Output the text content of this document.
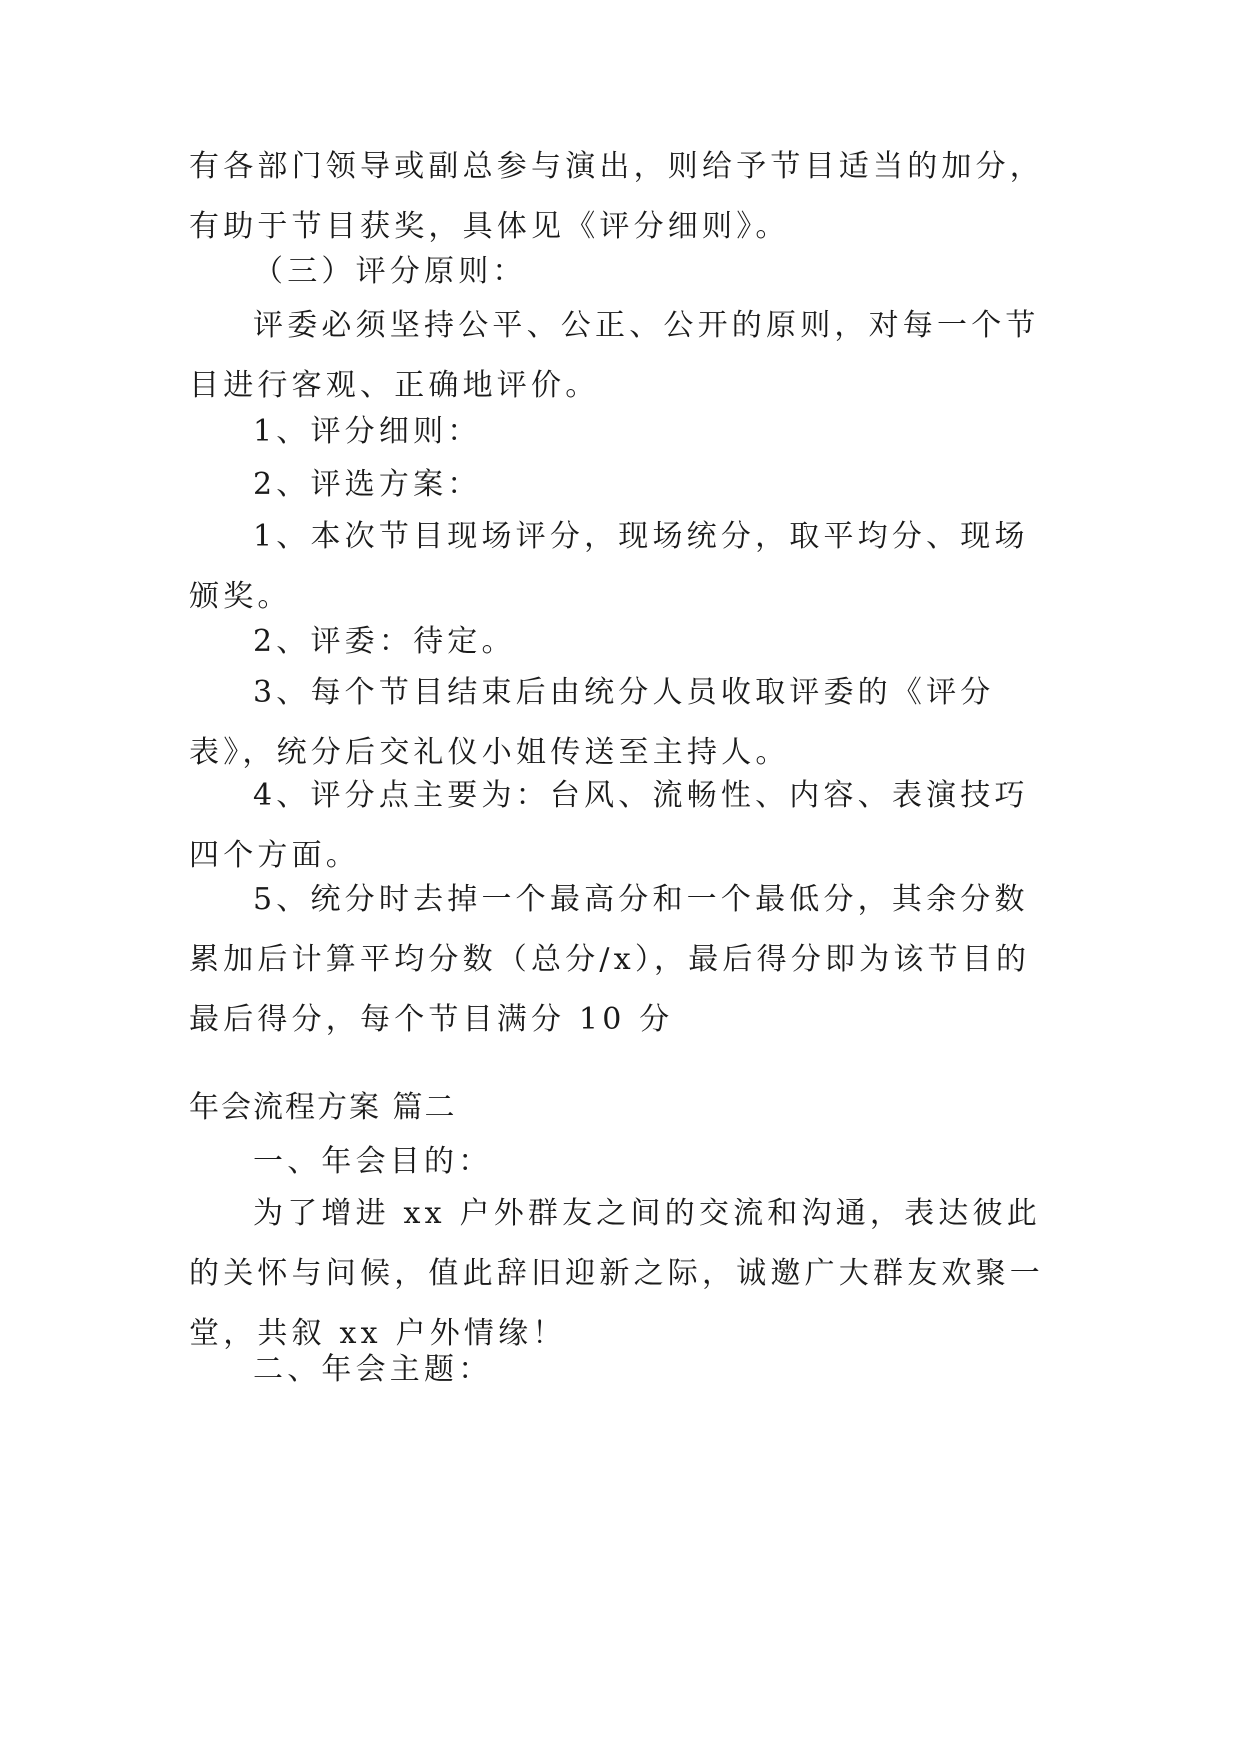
有各部门领导或副总参与演出，则给予节目适当的加分，有助于节目获奖，具体见《评分细则》。

（三）评分原则：

评委必须坚持公平、公正、公开的原则，对每一个节目进行客观、正确地评价。

1、评分细则：

2、评选方案：

1、本次节目现场评分，现场统分，取平均分、现场颁奖。

2、评委：待定。

3、每个节目结束后由统分人员收取评委的《评分表》，统分后交礼仪小姐传送至主持人。

4、评分点主要为：台风、流畅性、内容、表演技巧四个方面。

5、统分时去掉一个最高分和一个最低分，其余分数累加后计算平均分数（总分/x），最后得分即为该节目的最后得分，每个节目满分 10 分

年会流程方案 篇二

一、年会目的：

为了增进 xx 户外群友之间的交流和沟通，表达彼此的关怀与问候，值此辞旧迎新之际，诚邀广大群友欢聚一堂，共叙 xx 户外情缘！

二、年会主题：
